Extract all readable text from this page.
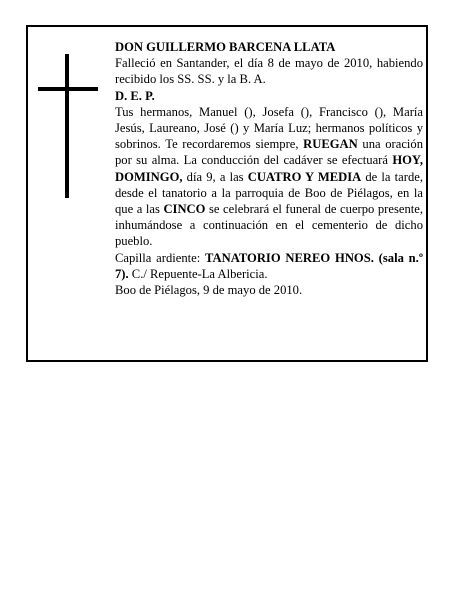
DON GUILLERMO BARCENA LLATA

Falleció en Santander, el día 8 de mayo de 2010, habiendo recibido los SS. SS. y la B. A.

D. E. P.

Tus hermanos, Manuel (), Josefa (), Francisco (), María Jesús, Laureano, José () y María Luz; hermanos políticos y sobrinos. Te recordaremos siempre, RUEGAN una oración por su alma. La conducción del cadáver se efectuará HOY, DOMINGO, día 9, a las CUATRO Y MEDIA de la tarde, desde el tanatorio a la parroquia de Boo de Piélagos, en la que a las CINCO se celebrará el funeral de cuerpo presente, inhumándose a continuación en el cementerio de dicho pueblo.

Capilla ardiente: TANATORIO NEREO HNOS. (sala n.º 7). C./ Repuente-La Albericia.

Boo de Piélagos, 9 de mayo de 2010.
